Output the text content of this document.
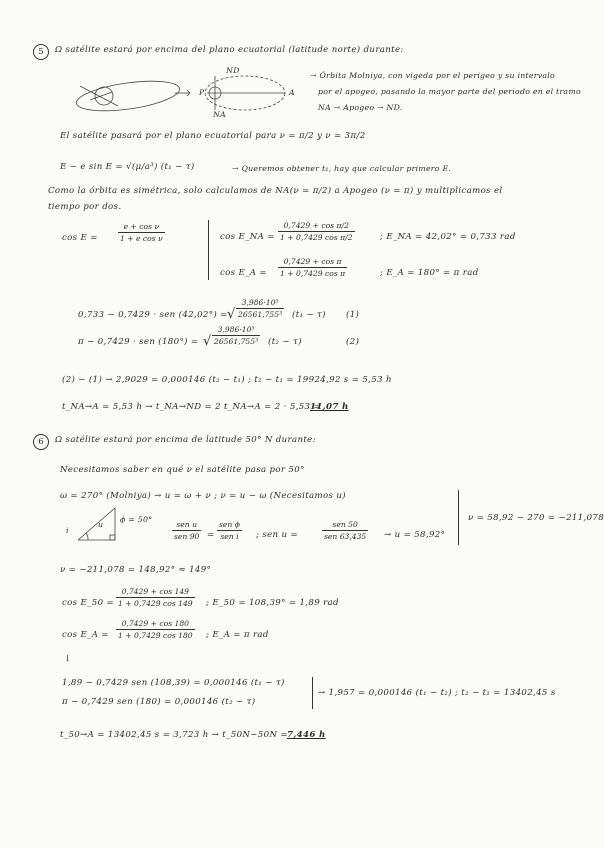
5	Ω satélite estará por encima del plano ecuatorial (latitude norte) durante:
ND
P	A
NA
→ Órbita Molniya, con vigeda por el perigeo y su intervalo
por el apogeo, pasando la mayor parte del periodo en el tramo
NA → Apogeo → ND.
El satélite pasará por el plano ecuatorial para ν = π/2 y ν = 3π/2
E − e sin E = √(μ/a³) (t₁ − τ)	→ Queremos obtener t₁, hay que calcular primero E.
Como la órbita es simétrica, solo calculamos de NA(ν = π/2) a Apogeo (ν = π) y multiplicamos el
tiempo por dos.
cos E =	$\frac{\text{e + cos ν}}{\text{1 + e cos ν}}$	cos E_NA = $\frac{\text{0,7429 + cos π/2}}{\text{1 + 0,7429 cos π/2}}$	; E_NA = 42,02° = 0,733 rad
cos E_A = $\frac{\text{0,7429 + cos π}}{\text{1 + 0,7429 cos π}}$	; E_A = 180° = π rad
0,733 − 0,7429 · sen (42,02°) = √ $\frac{\text{3,986·10⁵}}{\text{26561,755³}} (t_1 - \tau)$ (1)
π − 0,7429 · sen (180°) = √ $\frac{\text{3,986·10⁵}}{\text{26561,755³}} (t_2 - \tau)$	(2)
(2) − (1) → 2,9029 = 0,000146 (t₂ − t₁) ; t₂ − t₁ = 19924,92 s = 5,53 h
t_NA→A = 5,53 h → t_NA→ND = 2 t_NA→A = 2 · 5,53 =
11,07 h
6	Ω satélite estará por encima de latitude 50° N durante:
Necesitamos saber en qué ν el satélite pasa por 50°
ω = 270° (Molniya) → u = ω + ν ; ν = u − ω (Necesitamos u)
i
ϕ = 50°
u	sen u
sen 90 =
sen ϕ
sen i	; sen u =
sen 50
sen 63,435 → u = 58,92°
ν = 58,92 − 270 = −211,078
ν = −211,078 = 148,92° ≈ 149°
cos E_50 = $\frac{0,7429 + \cos 149}{1 + 0,7429 \cos 149}$ ; E_50 = 108,39° = 1,89 rad
cos E_A = $\frac{0,7429 + \cos 180}{1 + 0,7429 \cos 180}$ ; E_A = π rad
↓
1,89 − 0,7429 sen (108,39) = 0,000146 (t₁ − τ)
π − 0,7429 sen (180) = 0,000146 (t₂ − τ)
→ 1,957 = 0,000146 (t₁ − t₂) ; t₂ − t₁ = 13402,45 s
t_50→A = 13402,45 s = 3,723 h → t_50N−50N = 7,446 h
